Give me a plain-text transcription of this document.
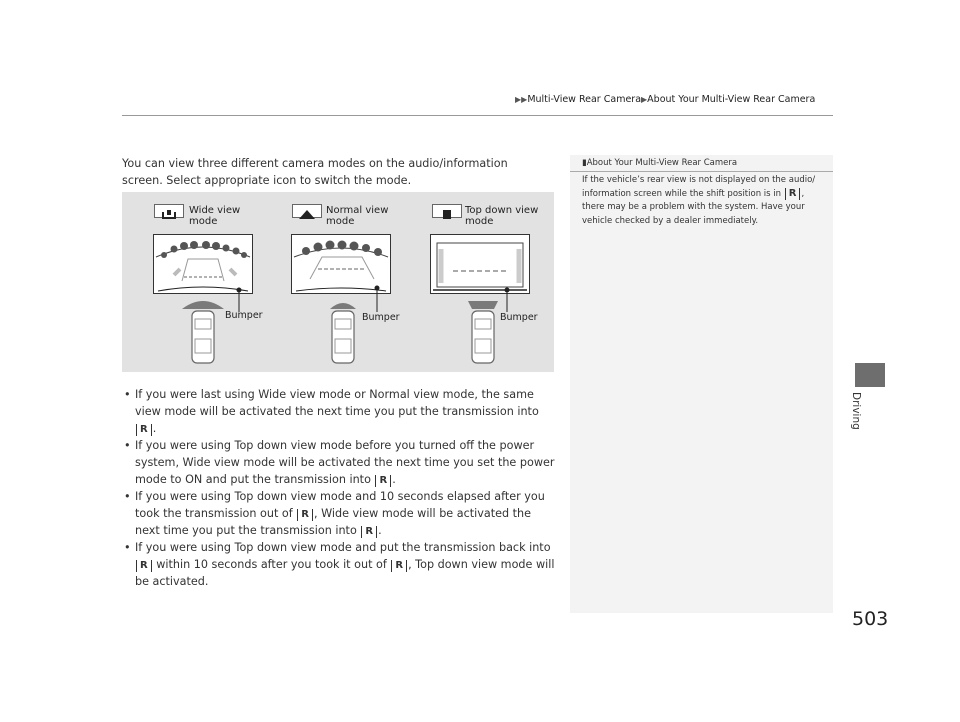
▶▶Multi-View Rear Camera▶About Your Multi-View Rear Camera
You can view three different camera modes on the audio/information screen. Select appropriate icon to switch the mode.
Wide view mode
Normal view mode
Top down view mode
Bumper	Bumper	Bumper

• If you were last using Wide view mode or Normal view mode, the same view mode will be activated the next time you put the transmission into R .

• If you were using Top down view mode before you turned off the power system, Wide view mode will be activated the next time you set the power mode to ON and put the transmission into R .

• If you were using Top down view mode and 10 seconds elapsed after you took the transmission out of R , Wide view mode will be activated the next time you put the transmission into R .

• If you were using Top down view mode and put the transmission back into R within 10 seconds after you took it out of R , Top down view mode will be activated.

▮About Your Multi-View Rear Camera
If the vehicle’s rear view is not displayed on the audio/ information screen while the shift position is in R , there may be a problem with the system. Have your vehicle checked by a dealer immediately.
Driving
503
